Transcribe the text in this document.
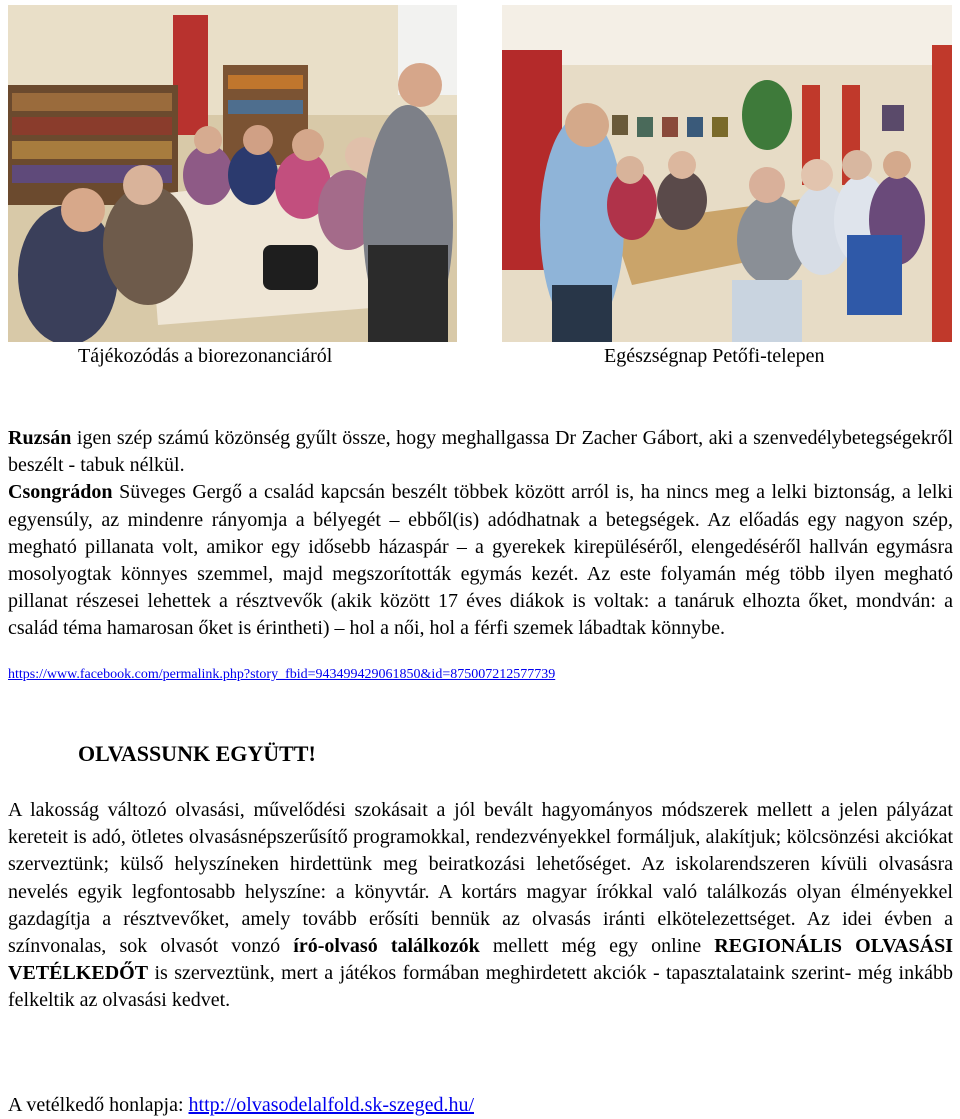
Tájékozódás a biorezonanciáról	Egészségnap Petőfi-telepen
Ruzsán igen szép számú közönség gyűlt össze, hogy meghallgassa Dr Zacher Gábort, aki a szenvedélybetegségekről beszélt - tabuk nélkül.
Csongrádon Süveges Gergő a család kapcsán beszélt többek között arról is, ha nincs meg a lelki biztonság, a lelki egyensúly, az mindenre rányomja a bélyegét – ebből(is) adódhatnak a betegségek. Az előadás egy nagyon szép, megható pillanata volt, amikor egy idősebb házaspár – a gyerekek kirepüléséről, elengedéséről hallván egymásra mosolyogtak könnyes szemmel, majd megszorították egymás kezét. Az este folyamán még több ilyen megható pillanat részesei lehettek a résztvevők (akik között 17 éves diákok is voltak: a tanáruk elhozta őket, mondván: a család téma hamarosan őket is érintheti) – hol a női, hol a férfi szemek lábadtak könnybe.
https://www.facebook.com/permalink.php?story_fbid=943499429061850&id=875007212577739
OLVASSUNK EGYÜTT!
A lakosság változó olvasási, művelődési szokásait a jól bevált hagyományos módszerek mellett a jelen pályázat kereteit is adó, ötletes olvasásnépszerűsítő programokkal, rendezvényekkel formáljuk, alakítjuk; kölcsönzési akciókat szerveztünk; külső helyszíneken hirdettünk meg beiratkozási lehetőséget. Az iskolarendszeren kívüli olvasásra nevelés egyik legfontosabb helyszíne: a könyvtár. A kortárs magyar írókkal való találkozás olyan élményekkel gazdagítja a résztvevőket, amely tovább erősíti bennük az olvasás iránti elkötelezettséget. Az idei évben a színvonalas, sok olvasót vonzó író-olvasó találkozók mellett még egy online REGIONÁLIS OLVASÁSI VETÉLKEDŐT is szerveztünk, mert a játékos formában meghirdetett akciók - tapasztalataink szerint- még inkább felkeltik az olvasási kedvet.
A vetélkedő honlapja: http://olvasodelalfold.sk-szeged.hu/
